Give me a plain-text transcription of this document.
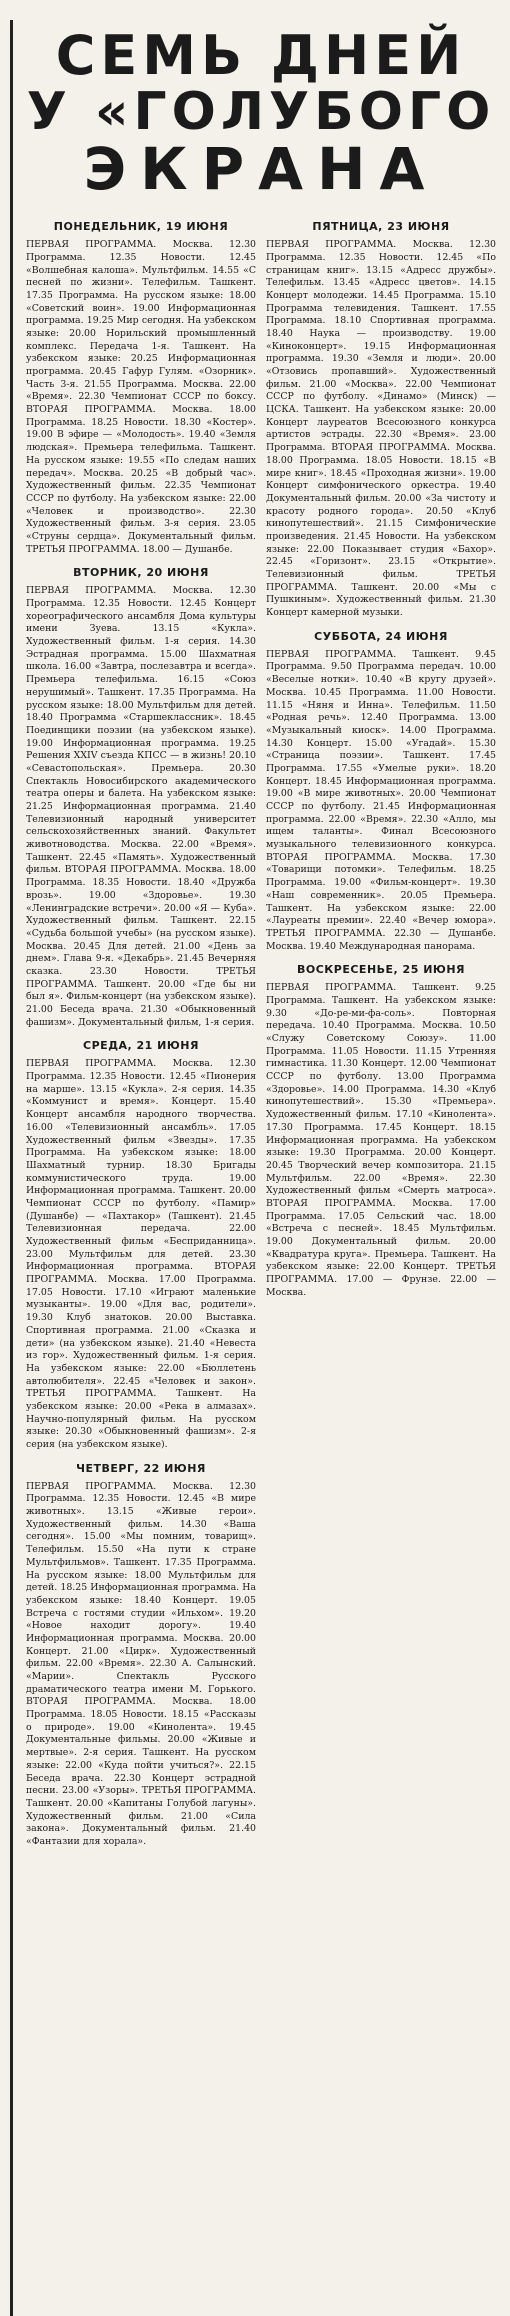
СЕМЬ ДНЕЙ
У «ГОЛУБОГО
ЭКРАНА
ПОНЕДЕЛЬНИК, 19 ИЮНЯ

ПЕРВАЯ ПРОГРАММА. Москва. 12.30 Программа. 12.35 Новости. 12.45 «Волшебная калоша». Мультфильм. 14.55 «С песней по жизни». Телефильм. Ташкент. 17.35 Программа. На русском языке: 18.00 «Советский воин». 19.00 Информационная программа. 19.25 Мир сегодня. На узбекском языке: 20.00 Норильский промышленный комплекс. Передача 1-я. Ташкент. На узбекском языке: 20.25 Информационная программа. 20.45 Гафур Гулям. «Озорник». Часть 3-я. 21.55 Программа. Москва. 22.00 «Время». 22.30 Чемпионат СССР по боксу. ВТОРАЯ ПРОГРАММА. Москва. 18.00 Программа. 18.25 Новости. 18.30 «Костер». 19.00 В эфире — «Молодость». 19.40 «Земля людская». Премьера телефильма. Ташкент. На русском языке: 19.55 «По следам наших передач». Москва. 20.25 «В добрый час». Художественный фильм. 22.35 Чемпионат СССР по футболу. На узбекском языке: 22.00 «Человек и производство». 22.30 Художественный фильм. 3-я серия. 23.05 «Струны сердца». Документальный фильм. ТРЕТЬЯ ПРОГРАММА. 18.00 — Душанбе.

ВТОРНИК, 20 ИЮНЯ

ПЕРВАЯ ПРОГРАММА. Москва. 12.30 Программа. 12.35 Новости. 12.45 Концерт хореографического ансамбля Дома культуры имени Зуева. 13.15 «Кукла». Художественный фильм. 1-я серия. 14.30 Эстрадная программа. 15.00 Шахматная школа. 16.00 «Завтра, послезавтра и всегда». Премьера телефильма. 16.15 «Союз нерушимый». Ташкент. 17.35 Программа. На русском языке: 18.00 Мультфильм для детей. 18.40 Программа «Старшеклассник». 18.45 Поединщики поэзии (на узбекском языке). 19.00 Информационная программа. 19.25 Решения XXIV съезда КПСС — в жизнь! 20.10 «Севастопольская». Премьера. 20.30 Спектакль Новосибирского академического театра оперы и балета. На узбекском языке: 21.25 Информационная программа. 21.40 Телевизионный народный университет сельскохозяйственных знаний. Факультет животноводства. Москва. 22.00 «Время». Ташкент. 22.45 «Память». Художественный фильм. ВТОРАЯ ПРОГРАММА. Москва. 18.00 Программа. 18.35 Новости. 18.40 «Дружба врозь». 19.00 «Здоровье». 19.30 «Ленинградские встречи». 20.00 «Я — Куба». Художественный фильм. Ташкент. 22.15 «Судьба большой учебы» (на русском языке). Москва. 20.45 Для детей. 21.00 «День за днем». Глава 9-я. «Декабрь». 21.45 Вечерняя сказка. 23.30 Новости. ТРЕТЬЯ ПРОГРАММА. Ташкент. 20.00 «Где бы ни был я». Фильм-концерт (на узбекском языке). 21.00 Беседа врача. 21.30 «Обыкновенный фашизм». Документальный фильм, 1-я серия.

СРЕДА, 21 ИЮНЯ

ПЕРВАЯ ПРОГРАММА. Москва. 12.30 Программа. 12.35 Новости. 12.45 «Пионерия на марше». 13.15 «Кукла». 2-я серия. 14.35 «Коммунист и время». Концерт. 15.40 Концерт ансамбля народного творчества. 16.00 «Телевизионный ансамбль». 17.05 Художественный фильм «Звезды». 17.35 Программа. На узбекском языке: 18.00 Шахматный турнир. 18.30 Бригады коммунистического труда. 19.00 Информационная программа. Ташкент. 20.00 Чемпионат СССР по футболу. «Памир» (Душанбе) — «Пахтакор» (Ташкент). 21.45 Телевизионная передача. 22.00 Художественный фильм «Бесприданница». 23.00 Мультфильм для детей. 23.30 Информационная программа. ВТОРАЯ ПРОГРАММА. Москва. 17.00 Программа. 17.05 Новости. 17.10 «Играют маленькие музыканты». 19.00 «Для вас, родители». 19.30 Клуб знатоков. 20.00 Выставка. Спортивная программа. 21.00 «Сказка и дети» (на узбекском языке). 21.40 «Невеста из гор». Художественный фильм. 1-я серия. На узбекском языке: 22.00 «Бюллетень автолюбителя». 22.45 «Человек и закон». ТРЕТЬЯ ПРОГРАММА. Ташкент. На узбекском языке: 20.00 «Река в алмазах». Научно-популярный фильм. На русском языке: 20.30 «Обыкновенный фашизм». 2-я серия (на узбекском языке).

ЧЕТВЕРГ, 22 ИЮНЯ

ПЕРВАЯ ПРОГРАММА. Москва. 12.30 Программа. 12.35 Новости. 12.45 «В мире животных». 13.15 «Живые герои». Художественный фильм. 14.30 «Ваша сегодня». 15.00 «Мы помним, товарищ». Телефильм. 15.50 «На пути к стране Мультфильмов». Ташкент. 17.35 Программа. На русском языке: 18.00 Мультфильм для детей. 18.25 Информационная программа. На узбекском языке: 18.40 Концерт. 19.05 Встреча с гостями студии «Ильхом». 19.20 «Новое находит дорогу». 19.40 Информационная программа. Москва. 20.00 Концерт. 21.00 «Цирк». Художественный фильм. 22.00 «Время». 22.30 А. Салынский. «Марии». Спектакль Русского драматического театра имени М. Горького. ВТОРАЯ ПРОГРАММА. Москва. 18.00 Программа. 18.05 Новости. 18.15 «Рассказы о природе». 19.00 «Кинолента». 19.45 Документальные фильмы. 20.00 «Живые и мертвые». 2-я серия. Ташкент. На русском языке: 22.00 «Куда пойти учиться?». 22.15 Беседа врача. 22.30 Концерт эстрадной песни. 23.00 «Узоры». ТРЕТЬЯ ПРОГРАММА. Ташкент. 20.00 «Капитаны Голубой лагуны». Художественный фильм. 21.00 «Сила закона». Документальный фильм. 21.40 «Фантазии для хорала».

ПЯТНИЦА, 23 ИЮНЯ

ПЕРВАЯ ПРОГРАММА. Москва. 12.30 Программа. 12.35 Новости. 12.45 «По страницам книг». 13.15 «Адресс дружбы». Телефильм. 13.45 «Адресс цветов». 14.15 Концерт молодежи. 14.45 Программа. 15.10 Программа телевидения. Ташкент. 17.55 Программа. 18.10 Спортивная программа. 18.40 Наука — производству. 19.00 «Киноконцерт». 19.15 Информационная программа. 19.30 «Земля и люди». 20.00 «Отзовись пропавший». Художественный фильм. 21.00 «Москва». 22.00 Чемпионат СССР по футболу. «Динамо» (Минск) — ЦСКА. Ташкент. На узбекском языке: 20.00 Концерт лауреатов Всесоюзного конкурса артистов эстрады. 22.30 «Время». 23.00 Программа. ВТОРАЯ ПРОГРАММА. Москва. 18.00 Программа. 18.05 Новости. 18.15 «В мире книг». 18.45 «Проходная жизни». 19.00 Концерт симфонического оркестра. 19.40 Документальный фильм. 20.00 «За чистоту и красоту родного города». 20.50 «Клуб кинопутешествий». 21.15 Симфонические произведения. 21.45 Новости. На узбекском языке: 22.00 Показывает студия «Бахор». 22.45 «Горизонт». 23.15 «Открытие». Телевизионный фильм. ТРЕТЬЯ ПРОГРАММА. Ташкент. 20.00 «Мы с Пушкиным». Художественный фильм. 21.30 Концерт камерной музыки.

СУББОТА, 24 ИЮНЯ

ПЕРВАЯ ПРОГРАММА. Ташкент. 9.45 Программа. 9.50 Программа передач. 10.00 «Веселые нотки». 10.40 «В кругу друзей». Москва. 10.45 Программа. 11.00 Новости. 11.15 «Няня и Инна». Телефильм. 11.50 «Родная речь». 12.40 Программа. 13.00 «Музыкальный киоск». 14.00 Программа. 14.30 Концерт. 15.00 «Угадай». 15.30 «Страница поэзии». Ташкент. 17.45 Программа. 17.55 «Умелые руки». 18.20 Концерт. 18.45 Информационная программа. 19.00 «В мире животных». 20.00 Чемпионат СССР по футболу. 21.45 Информационная программа. 22.00 «Время». 22.30 «Алло, мы ищем таланты». Финал Всесоюзного музыкального телевизионного конкурса. ВТОРАЯ ПРОГРАММА. Москва. 17.30 «Товарищи потомки». Телефильм. 18.25 Программа. 19.00 «Фильм-концерт». 19.30 «Наш современник». 20.05 Премьера. Ташкент. На узбекском языке: 22.00 «Лауреаты премии». 22.40 «Вечер юмора». ТРЕТЬЯ ПРОГРАММА. 22.30 — Душанбе. Москва. 19.40 Международная панорама.

ВОСКРЕСЕНЬЕ, 25 ИЮНЯ

ПЕРВАЯ ПРОГРАММА. Ташкент. 9.25 Программа. Ташкент. На узбекском языке: 9.30 «До-ре-ми-фа-соль». Повторная передача. 10.40 Программа. Москва. 10.50 «Служу Советскому Союзу». 11.00 Программа. 11.05 Новости. 11.15 Утренняя гимнастика. 11.30 Концерт. 12.00 Чемпионат СССР по футболу. 13.00 Программа «Здоровье». 14.00 Программа. 14.30 «Клуб кинопутешествий». 15.30 «Премьера». Художественный фильм. 17.10 «Кинолента». 17.30 Программа. 17.45 Концерт. 18.15 Информационная программа. На узбекском языке: 19.30 Программа. 20.00 Концерт. 20.45 Творческий вечер композитора. 21.15 Мультфильм. 22.00 «Время». 22.30 Художественный фильм «Смерть матроса». ВТОРАЯ ПРОГРАММА. Москва. 17.00 Программа. 17.05 Сельский час. 18.00 «Встреча с песней». 18.45 Мультфильм. 19.00 Документальный фильм. 20.00 «Квадратура круга». Премьера. Ташкент. На узбекском языке: 22.00 Концерт. ТРЕТЬЯ ПРОГРАММА. 17.00 — Фрунзе. 22.00 — Москва.
